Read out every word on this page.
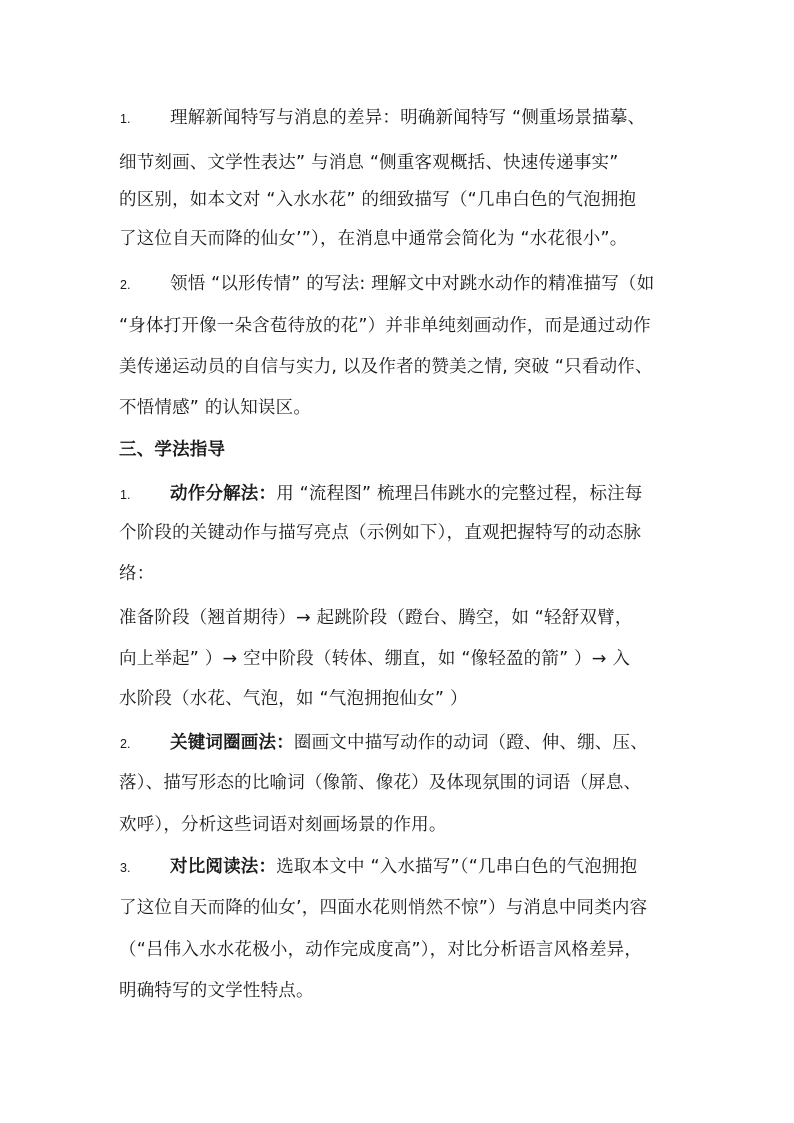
1. 理解新闻特写与消息的差异：明确新闻特写 “侧重场景描摹、
细节刻画、文学性表达” 与消息 “侧重客观概括、快速传递事实”
的区别，如本文对 “入水水花” 的细致描写（“几串白色的气泡拥抱
了这位自天而降的仙女’”），在消息中通常会简化为 “水花很小”。
2. 领悟 “以形传情” 的写法: 理解文中对跳水动作的精准描写（如
“身体打开像一朵含苞待放的花”）并非单纯刻画动作，而是通过动作
美传递运动员的自信与实力, 以及作者的赞美之情, 突破 “只看动作、
不悟情感” 的认知误区。
三、学法指导
1. 动作分解法：用 “流程图” 梳理吕伟跳水的完整过程，标注每
个阶段的关键动作与描写亮点（示例如下），直观把握特写的动态脉
络：
准备阶段（翘首期待）→ 起跳阶段（蹬台、腾空，如 “轻舒双臂，
向上举起” ）→ 空中阶段（转体、绷直，如 “像轻盈的箭” ）→ 入
水阶段（水花、气泡，如 “气泡拥抱仙女” ）
2. 关键词圈画法：圈画文中描写动作的动词（蹬、伸、绷、压、
落）、描写形态的比喻词（像箭、像花）及体现氛围的词语（屏息、
欢呼），分析这些词语对刻画场景的作用。
3. 对比阅读法：选取本文中 “入水描写”（“几串白色的气泡拥抱
了这位自天而降的仙女’，四面水花则悄然不惊”）与消息中同类内容
（“吕伟入水水花极小，动作完成度高”），对比分析语言风格差异，
明确特写的文学性特点。
